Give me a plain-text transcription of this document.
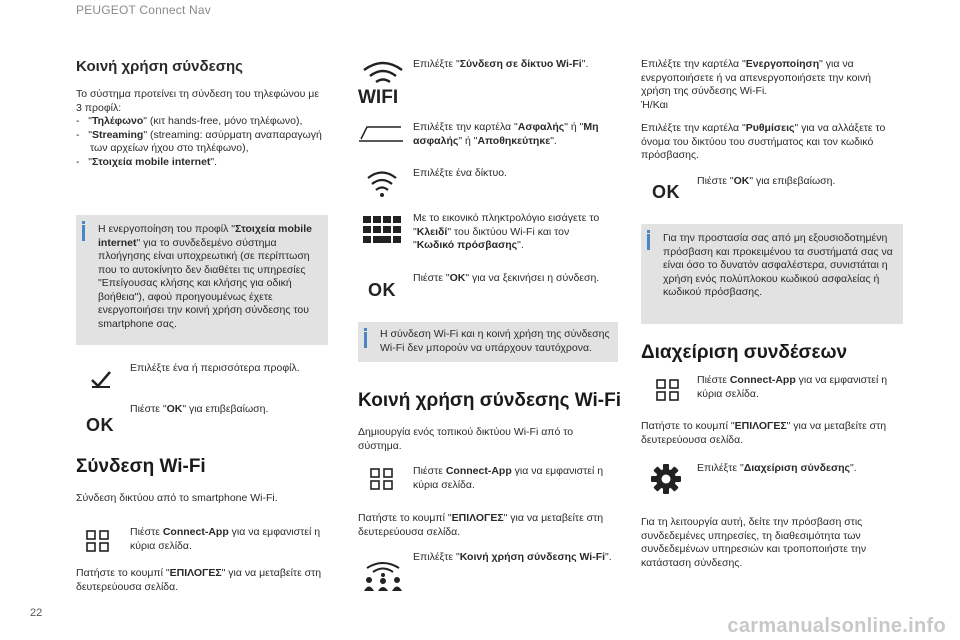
PEUGEOT Connect Nav
Κοινή χρήση σύνδεσης

Το σύστημα προτείνει τη σύνδεση του τηλεφώνου με 3 προφίλ:

-   "Τηλέφωνο" (κιτ hands-free, μόνο τηλέφωνο),
-   "Streaming" (streaming: ασύρματη αναπαραγωγή των αρχείων ήχου στο τηλέφωνο),
-   "Στοιχεία mobile internet".

Η ενεργοποίηση του προφίλ "Στοιχεία mobile internet" για το συνδεδεμένο σύστημα πλοήγησης είναι υποχρεωτική (σε περίπτωση που το αυτοκίνητο δεν διαθέτει τις υπηρεσίες "Επείγουσας κλήσης και κλήσης για οδική βοήθεια"), αφού προηγουμένως έχετε ενεργοποιήσει την κοινή χρήση σύνδεσης του smartphone σας.

Επιλέξτε ένα ή περισσότερα προφίλ.

OK

Πιέστε "OK" για επιβεβαίωση.

Σύνδεση Wi-Fi

Σύνδεση δικτύου από το smartphone Wi-Fi.

Πιέστε Connect-App για να εμφανιστεί η κύρια σελίδα.

Πατήστε το κουμπί "ΕΠΙΛΟΓΕΣ" για να μεταβείτε στη δευτερεύουσα σελίδα.

WIFI

Επιλέξτε "Σύνδεση σε δίκτυο Wi-Fi".

Επιλέξτε την καρτέλα "Ασφαλής" ή "Μη ασφαλής" ή "Αποθηκεύτηκε".

Επιλέξτε ένα δίκτυο.

Με το εικονικό πληκτρολόγιο εισάγετε το "Κλειδί" του δικτύου Wi-Fi και τον "Κωδικό πρόσβασης".

OK

Πιέστε "OK" για να ξεκινήσει η σύνδεση.

Η σύνδεση Wi-Fi και η κοινή χρήση της σύνδεσης Wi-Fi δεν μπορούν να υπάρχουν ταυτόχρονα.

Κοινή χρήση σύνδεσης Wi-Fi

Δημιουργία ενός τοπικού δικτύου Wi-Fi από το σύστημα.

Πιέστε Connect-App για να εμφανιστεί η κύρια σελίδα.

Πατήστε το κουμπί "ΕΠΙΛΟΓΕΣ" για να μεταβείτε στη δευτερεύουσα σελίδα.

Επιλέξτε "Κοινή χρήση σύνδεσης Wi-Fi".

Επιλέξτε την καρτέλα "Ενεργοποίηση" για να ενεργοποιήσετε ή να απενεργοποιήσετε την κοινή χρήση της σύνδεσης Wi-Fi.
Ή/Και

Επιλέξτε την καρτέλα "Ρυθμίσεις" για να αλλάξετε το όνομα του δικτύου του συστήματος και τον κωδικό πρόσβασης.

OK

Πιέστε "OK" για επιβεβαίωση.

Για την προστασία σας από μη εξουσιοδοτημένη πρόσβαση και προκειμένου τα συστήματά σας να είναι όσο το δυνατόν ασφαλέστερα, συνιστάται η χρήση ενός πολύπλοκου κωδικού ασφαλείας ή κωδικού πρόσβασης.

Διαχείριση συνδέσεων

Πιέστε Connect-App για να εμφανιστεί η κύρια σελίδα.

Πατήστε το κουμπί "ΕΠΙΛΟΓΕΣ" για να μεταβείτε στη δευτερεύουσα σελίδα.

Επιλέξτε "Διαχείριση σύνδεσης".

Για τη λειτουργία αυτή, δείτε την πρόσβαση στις συνδεδεμένες υπηρεσίες, τη διαθεσιμότητα των συνδεδεμένων υπηρεσιών και τροποποιήστε την κατάσταση σύνδεσης.

22
carmanualsonline.info
